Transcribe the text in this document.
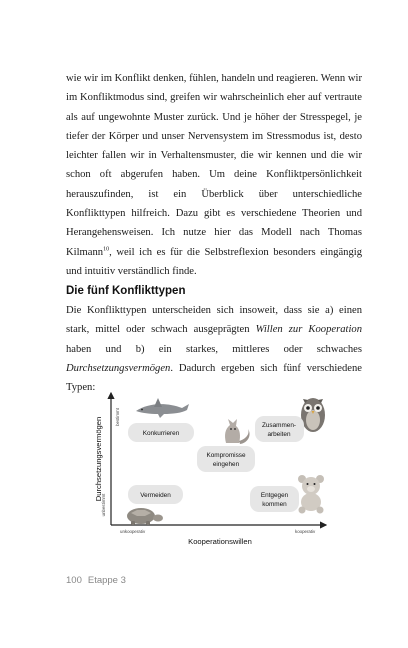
wie wir im Konflikt denken, fühlen, handeln und reagieren. Wenn wir im Konfliktmodus sind, greifen wir wahrscheinlich eher auf vertraute als auf ungewohnte Muster zurück. Und je höher der Stresspegel, je tiefer der Körper und unser Nervensystem im Stressmodus ist, desto leichter fallen wir in Verhaltensmuster, die wir kennen und die wir schon oft abgerufen haben. Um deine Konfliktpersönlichkeit herauszufinden, ist ein Überblick über unterschiedliche Konflikttypen hilfreich. Dazu gibt es verschiedene Theorien und Herangehensweisen. Ich nutze hier das Modell nach Thomas Kilmann$^{10}$, weil ich es für die Selbstreflexion besonders eingängig und intuitiv verständlich finde.

Die fünf Konflikttypen

Die Konflikttypen unterscheiden sich insoweit, dass sie a) einen stark, mittel oder schwach ausgeprägten Willen zur Kooperation haben und b) ein starkes, mittleres oder schwaches Durchsetzungsvermögen. Dadurch ergeben sich fünf verschiedene Typen:

Durchsetzungsvermögen	bestimmt
unbestimmt
unkooperativ	kooperativ
Kooperationswillen
Konkurrieren
Zusammen-
arbeiten
Kompromisse
eingehen
Vermeiden	Entgegen
kommen
100 Etappe 3
